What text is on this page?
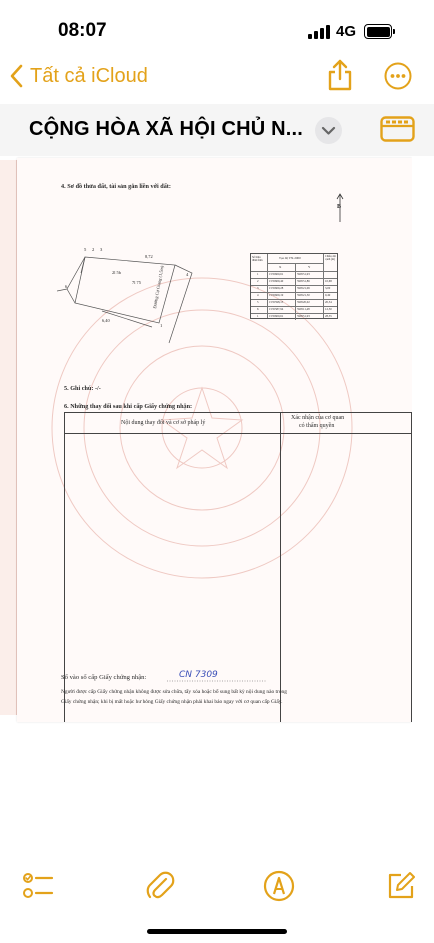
08:07	4G
Tất cả iCloud
CỘNG HÒA XÃ HỘI CHỦ N...
4. Sơ đồ thửa đất, tài sản gắn liền với đất:
B
5 2 3
6
4
1
8,72
6,40
Đường Cự Giang (1,5m)
2l 5b
7l 75
Số hiệu đỉnh thửa
Tọa độ VN-2000
X	Y
Chiều dài cạnh (m)
1	1535600,61	599551,93
2	1535609,40	599551,86	10,68
3	1535609,28	599521,06	3,00
4	1535609,19	599521,50	0,49
5	1535598,15	599520,02	20,54
6	1535587,94	599511,48	12,50
1	1535600,61	599551,93	28,35
5. Ghi chú: -/-
6. Những thay đổi sau khi cấp Giấy chứng nhận:
Nội dung thay đổi và cơ sở pháp lý
Xác nhận của cơ quan
có thẩm quyền
Số vào sổ cấp Giấy chứng nhận:	CN 7309
Người được cấp Giấy chứng nhận không được sửa chữa, tẩy xóa hoặc bổ sung bất kỳ nội dung nào trong
Giấy chứng nhận; khi bị mất hoặc hư hỏng Giấy chứng nhận phải khai báo ngay với cơ quan cấp Giấy.
